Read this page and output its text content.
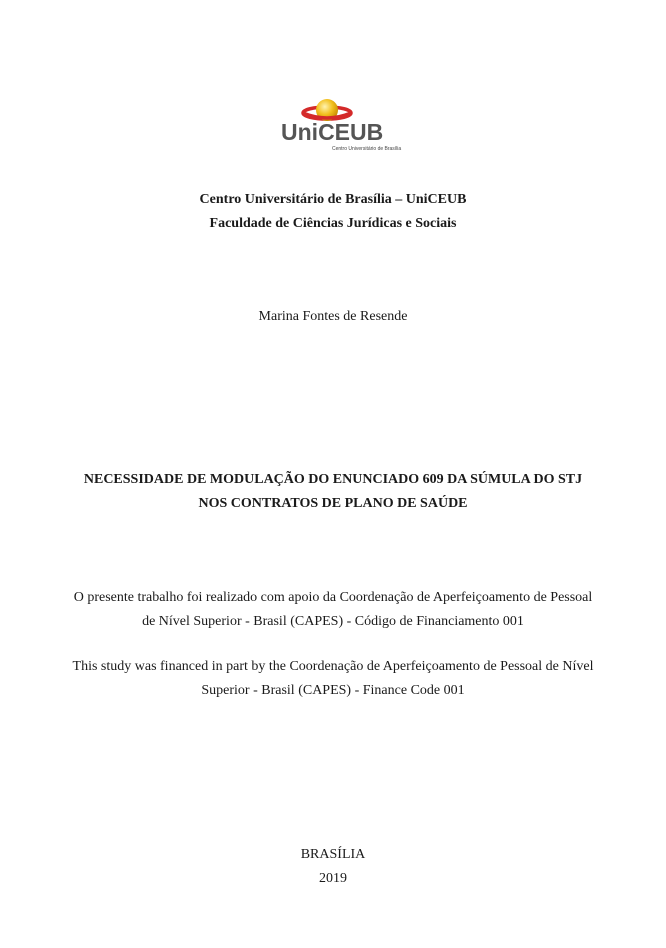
UniCEUB
Centro Universitário de Brasília
Centro Universitário de Brasília – UniCEUB
Faculdade de Ciências Jurídicas e Sociais
Marina Fontes de Resende
NECESSIDADE DE MODULAÇÃO DO ENUNCIADO 609 DA SÚMULA DO STJ
NOS CONTRATOS DE PLANO DE SAÚDE
O presente trabalho foi realizado com apoio da Coordenação de Aperfeiçoamento de Pessoal
de Nível Superior - Brasil (CAPES) - Código de Financiamento 001
This study was financed in part by the Coordenação de Aperfeiçoamento de Pessoal de Nível
Superior - Brasil (CAPES) - Finance Code 001
BRASÍLIA
2019
